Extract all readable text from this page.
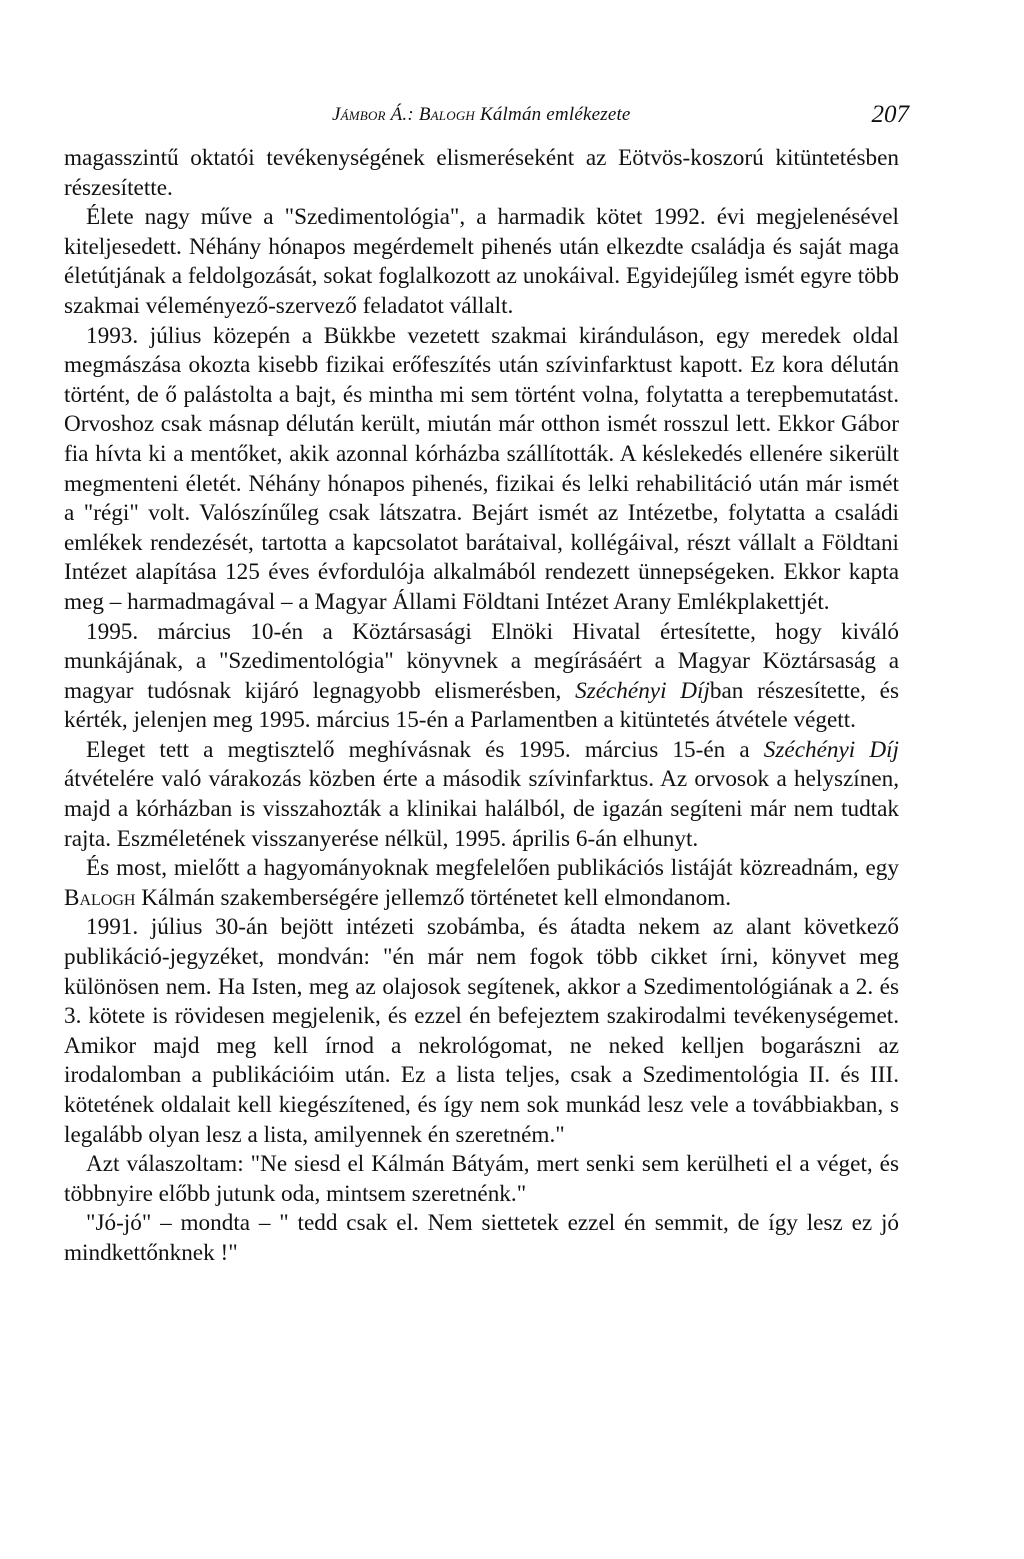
Jámbor Á.: Balogh Kálmán emlékezete	207

magasszintű oktatói tevékenységének elismeréseként az Eötvös-koszorú kitüntetésben részesítette.

Élete nagy műve a "Szedimentológia", a harmadik kötet 1992. évi megjelenésével kiteljesedett. Néhány hónapos megérdemelt pihenés után elkezdte családja és saját maga életútjának a feldolgozását, sokat foglalkozott az unokáival. Egyidejűleg ismét egyre több szakmai véleményező-szervező feladatot vállalt.

1993. július közepén a Bükkbe vezetett szakmai kiránduláson, egy meredek oldal megmászása okozta kisebb fizikai erőfeszítés után szívinfarktust kapott. Ez kora délután történt, de ő palástolta a bajt, és mintha mi sem történt volna, folytatta a terepbemutatást. Orvoshoz csak másnap délután került, miután már otthon ismét rosszul lett. Ekkor Gábor fia hívta ki a mentőket, akik azonnal kórházba szállították. A késlekedés ellenére sikerült megmenteni életét. Néhány hónapos pihenés, fizikai és lelki rehabilitáció után már ismét a "régi" volt. Valószínűleg csak látszatra. Bejárt ismét az Intézetbe, folytatta a családi emlékek rendezését, tartotta a kapcsolatot barátaival, kollégáival, részt vállalt a Földtani Intézet alapítása 125 éves évfordulója alkalmából rendezett ünnepségeken. Ekkor kapta meg – harmadmagával – a Magyar Állami Földtani Intézet Arany Emlékplakettjét.

1995. március 10-én a Köztársasági Elnöki Hivatal értesítette, hogy kiváló munkájának, a "Szedimentológia" könyvnek a megírásáért a Magyar Köztársaság a magyar tudósnak kijáró legnagyobb elismerésben, Széchényi Díjban részesítette, és kérték, jelenjen meg 1995. március 15-én a Parlamentben a kitüntetés átvétele végett.

Eleget tett a megtisztelő meghívásnak és 1995. március 15-én a Széchényi Díj átvételére való várakozás közben érte a második szívinfarktus. Az orvosok a helyszínen, majd a kórházban is visszahozták a klinikai halálból, de igazán segíteni már nem tudtak rajta. Eszméletének visszanyerése nélkül, 1995. április 6-án elhunyt.

És most, mielőtt a hagyományoknak megfelelően publikációs listáját közreadnám, egy Balogh Kálmán szakemberségére jellemző történetet kell elmondanom.

1991. július 30-án bejött intézeti szobámba, és átadta nekem az alant következő publikáció-jegyzéket, mondván: "én már nem fogok több cikket írni, könyvet meg különösen nem. Ha Isten, meg az olajosok segítenek, akkor a Szedimentológiának a 2. és 3. kötete is rövidesen megjelenik, és ezzel én befejeztem szakirodalmi tevékenységemet. Amikor majd meg kell írnod a nekrológomat, ne neked kelljen bogarászni az irodalomban a publikációim után. Ez a lista teljes, csak a Szedimentológia II. és III. kötetének oldalait kell kiegészítened, és így nem sok munkád lesz vele a továbbiakban, s legalább olyan lesz a lista, amilyennek én szeretném."

Azt válaszoltam: "Ne siesd el Kálmán Bátyám, mert senki sem kerülheti el a véget, és többnyire előbb jutunk oda, mintsem szeretnénk."

"Jó-jó" – mondta – " tedd csak el. Nem siettetek ezzel én semmit, de így lesz ez jó mindkettőnknek !"
